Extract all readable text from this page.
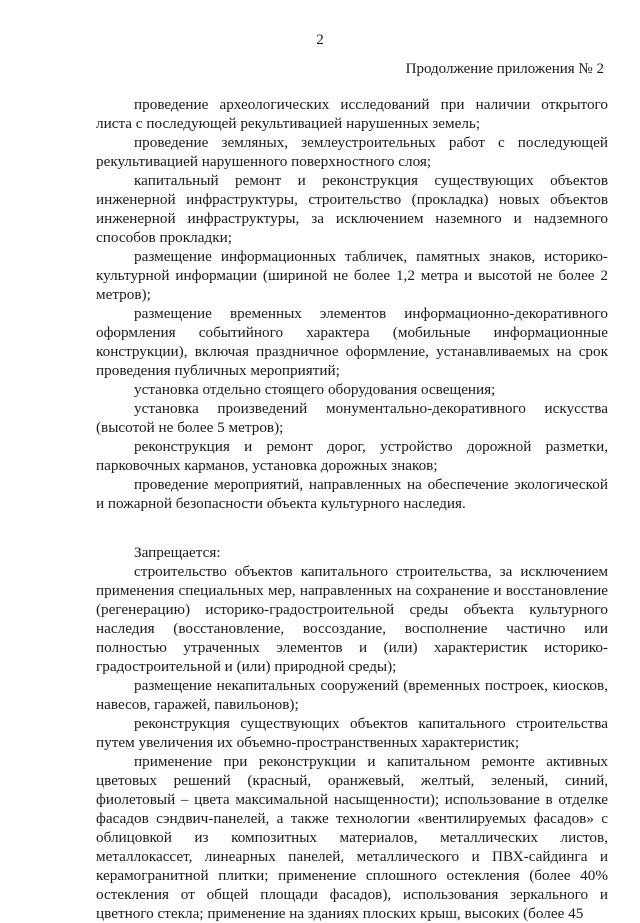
2
Продолжение приложения № 2

проведение археологических исследований при наличии открытого листа с последующей рекультивацией нарушенных земель;

проведение земляных, землеустроительных работ с последующей рекультивацией нарушенного поверхностного слоя;

капитальный ремонт и реконструкция существующих объектов инженерной инфраструктуры, строительство (прокладка) новых объектов инженерной инфраструктуры, за исключением наземного и надземного способов прокладки;

размещение информационных табличек, памятных знаков, историко-культурной информации (шириной не более 1,2 метра и высотой не более 2 метров);

размещение временных элементов информационно-декоративного оформления событийного характера (мобильные информационные конструкции), включая праздничное оформление, устанавливаемых на срок проведения публичных мероприятий;

установка отдельно стоящего оборудования освещения;

установка произведений монументально-декоративного искусства (высотой не более 5 метров);

реконструкция и ремонт дорог, устройство дорожной разметки, парковочных карманов, установка дорожных знаков;

проведение мероприятий, направленных на обеспечение экологической и пожарной безопасности объекта культурного наследия.

Запрещается:

строительство объектов капитального строительства, за исключением применения специальных мер, направленных на сохранение и восстановление (регенерацию) историко-градостроительной среды объекта культурного наследия (восстановление, воссоздание, восполнение частично или полностью утраченных элементов и (или) характеристик историко-градостроительной и (или) природной среды);

размещение некапитальных сооружений (временных построек, киосков, навесов, гаражей, павильонов);

реконструкция существующих объектов капитального строительства путем увеличения их объемно-пространственных характеристик;

применение при реконструкции и капитальном ремонте активных цветовых решений (красный, оранжевый, желтый, зеленый, синий, фиолетовый – цвета максимальной насыщенности); использование в отделке фасадов сэндвич-панелей, а также технологии «вентилируемых фасадов» с облицовкой из композитных материалов, металлических листов, металлокассет, линеарных панелей, металлического и ПВХ-сайдинга и керамогранитной плитки; применение сплошного остекления (более 40% остекления от общей площади фасадов), использования зеркального и цветного стекла; применение на зданиях плоских крыш, высоких (более 45
